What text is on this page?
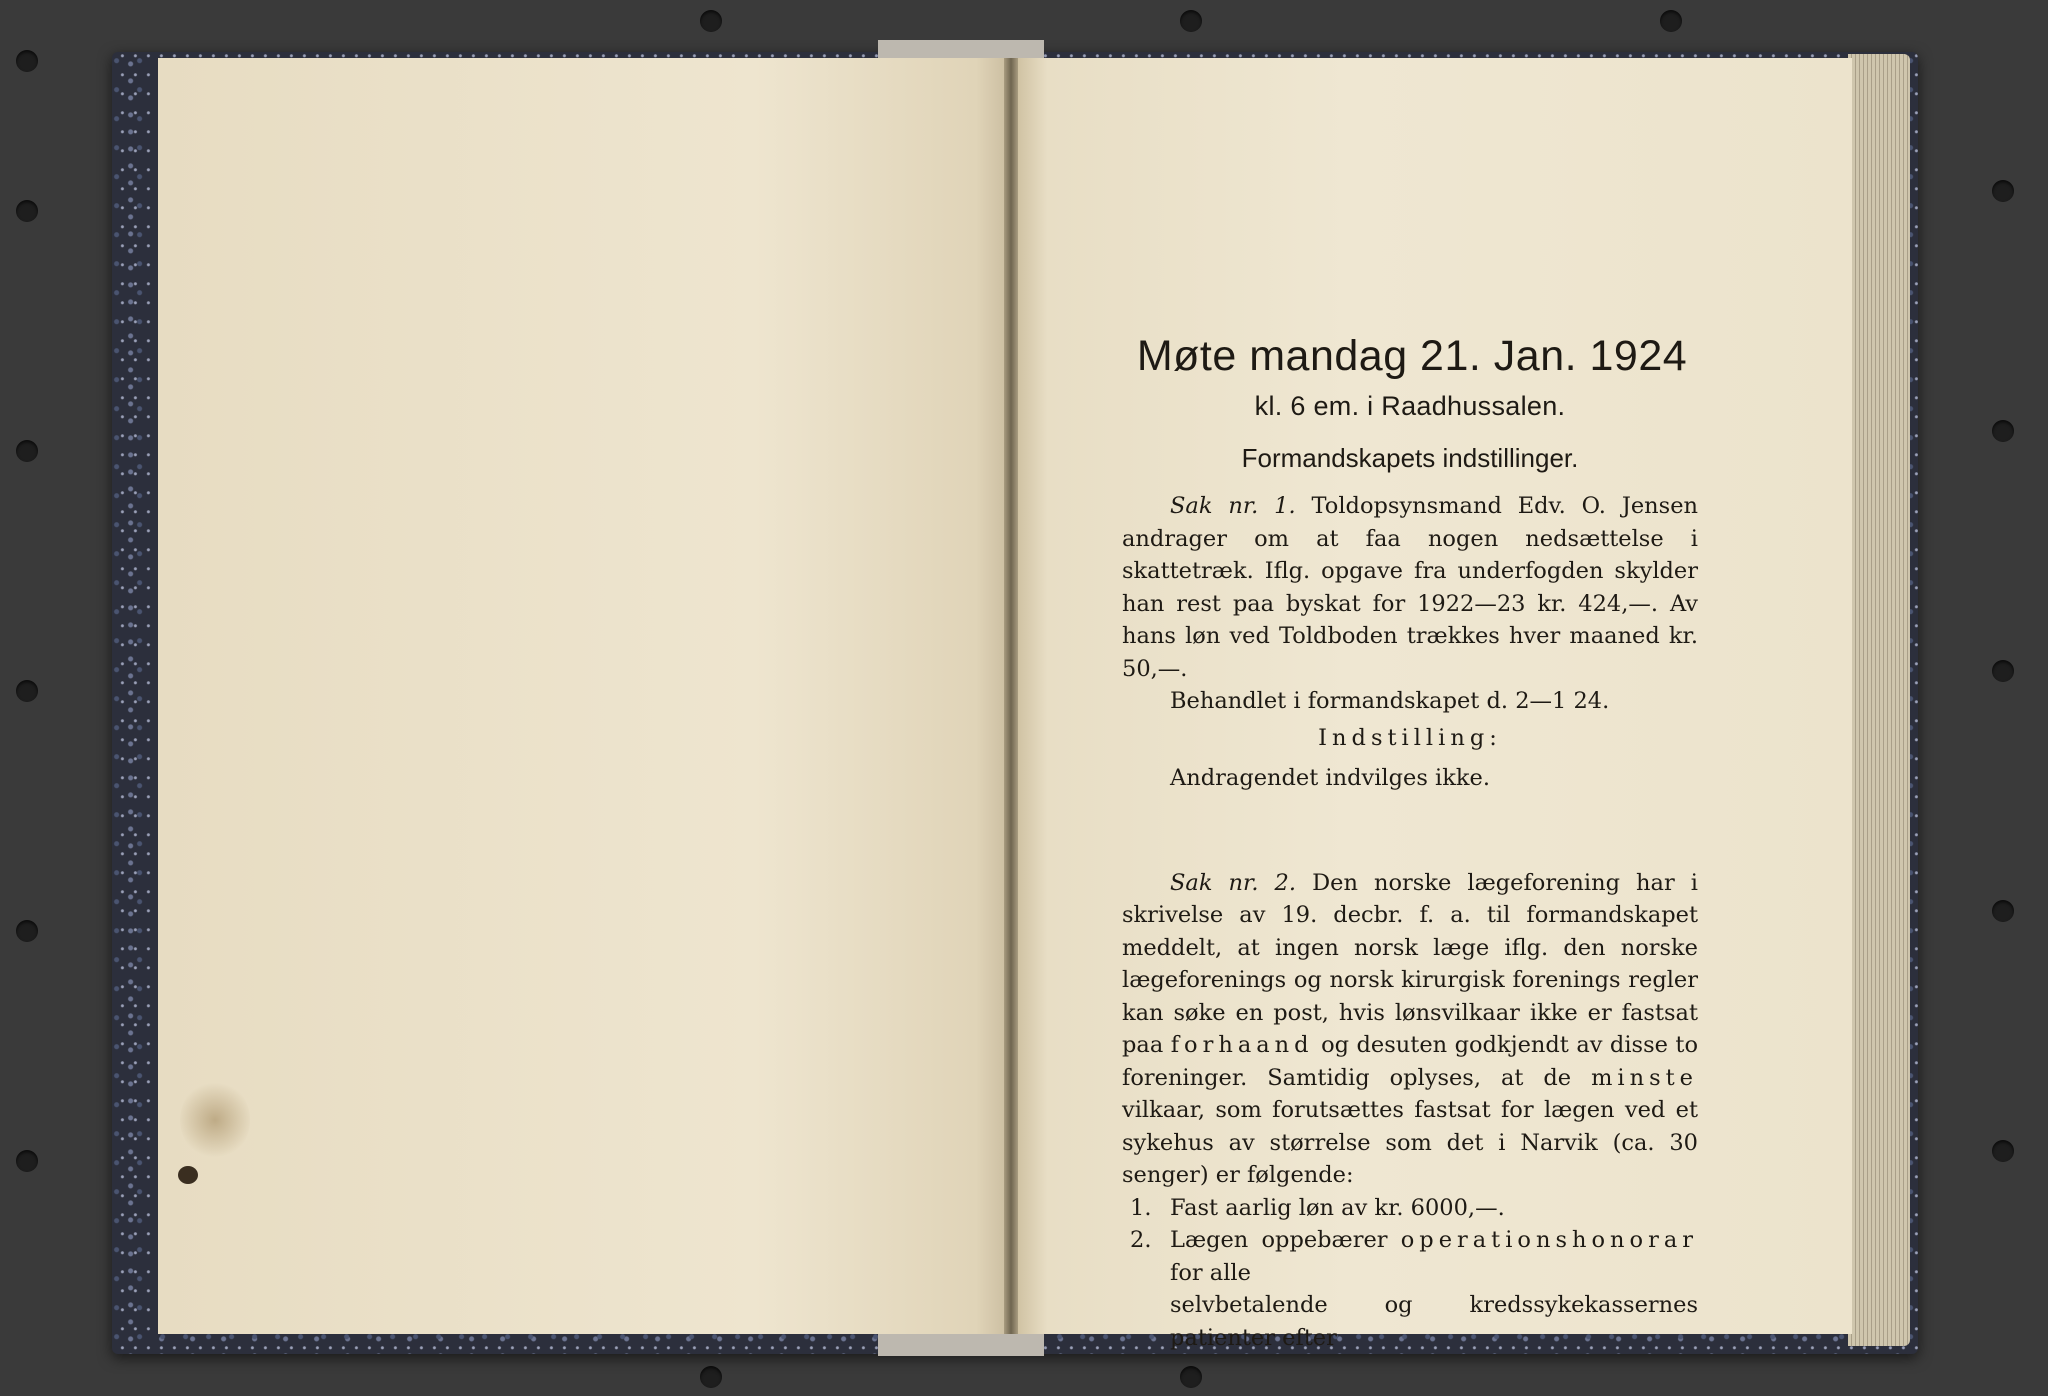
Møte mandag 21. Jan. 1924
kl. 6 em. i Raadhussalen.
Formandskapets indstillinger.

Sak nr. 1. Toldopsynsmand Edv. O. Jensen andrager om at faa nogen nedsættelse i skattetræk. Iflg. opgave fra underfogden skylder han rest paa byskat for 1922—23 kr. 424,—. Av hans løn ved Toldboden trækkes hver maaned kr. 50,—.

Behandlet i formandskapet d. 2—1 24.
Indstilling:
Andragendet indvilges ikke.

Sak nr. 2. Den norske lægeforening har i skrivelse av 19. decbr. f. a. til formandskapet meddelt, at ingen norsk læge iflg. den norske lægeforenings og norsk kirurgisk forenings regler kan søke en post, hvis lønsvilkaar ikke er fastsat paa forhaand og desuten godkjendt av disse to foreninger. Samtidig oplyses, at de minste vilkaar, som forutsættes fastsat for lægen ved et sykehus av størrelse som det i Narvik (ca. 30 senger) er følgende:

1. Fast aarlig løn av kr. 6000,—.
2. Lægen oppebærer operationshonorar for alle
selvbetalende og kredssykekassernes patienter efter
